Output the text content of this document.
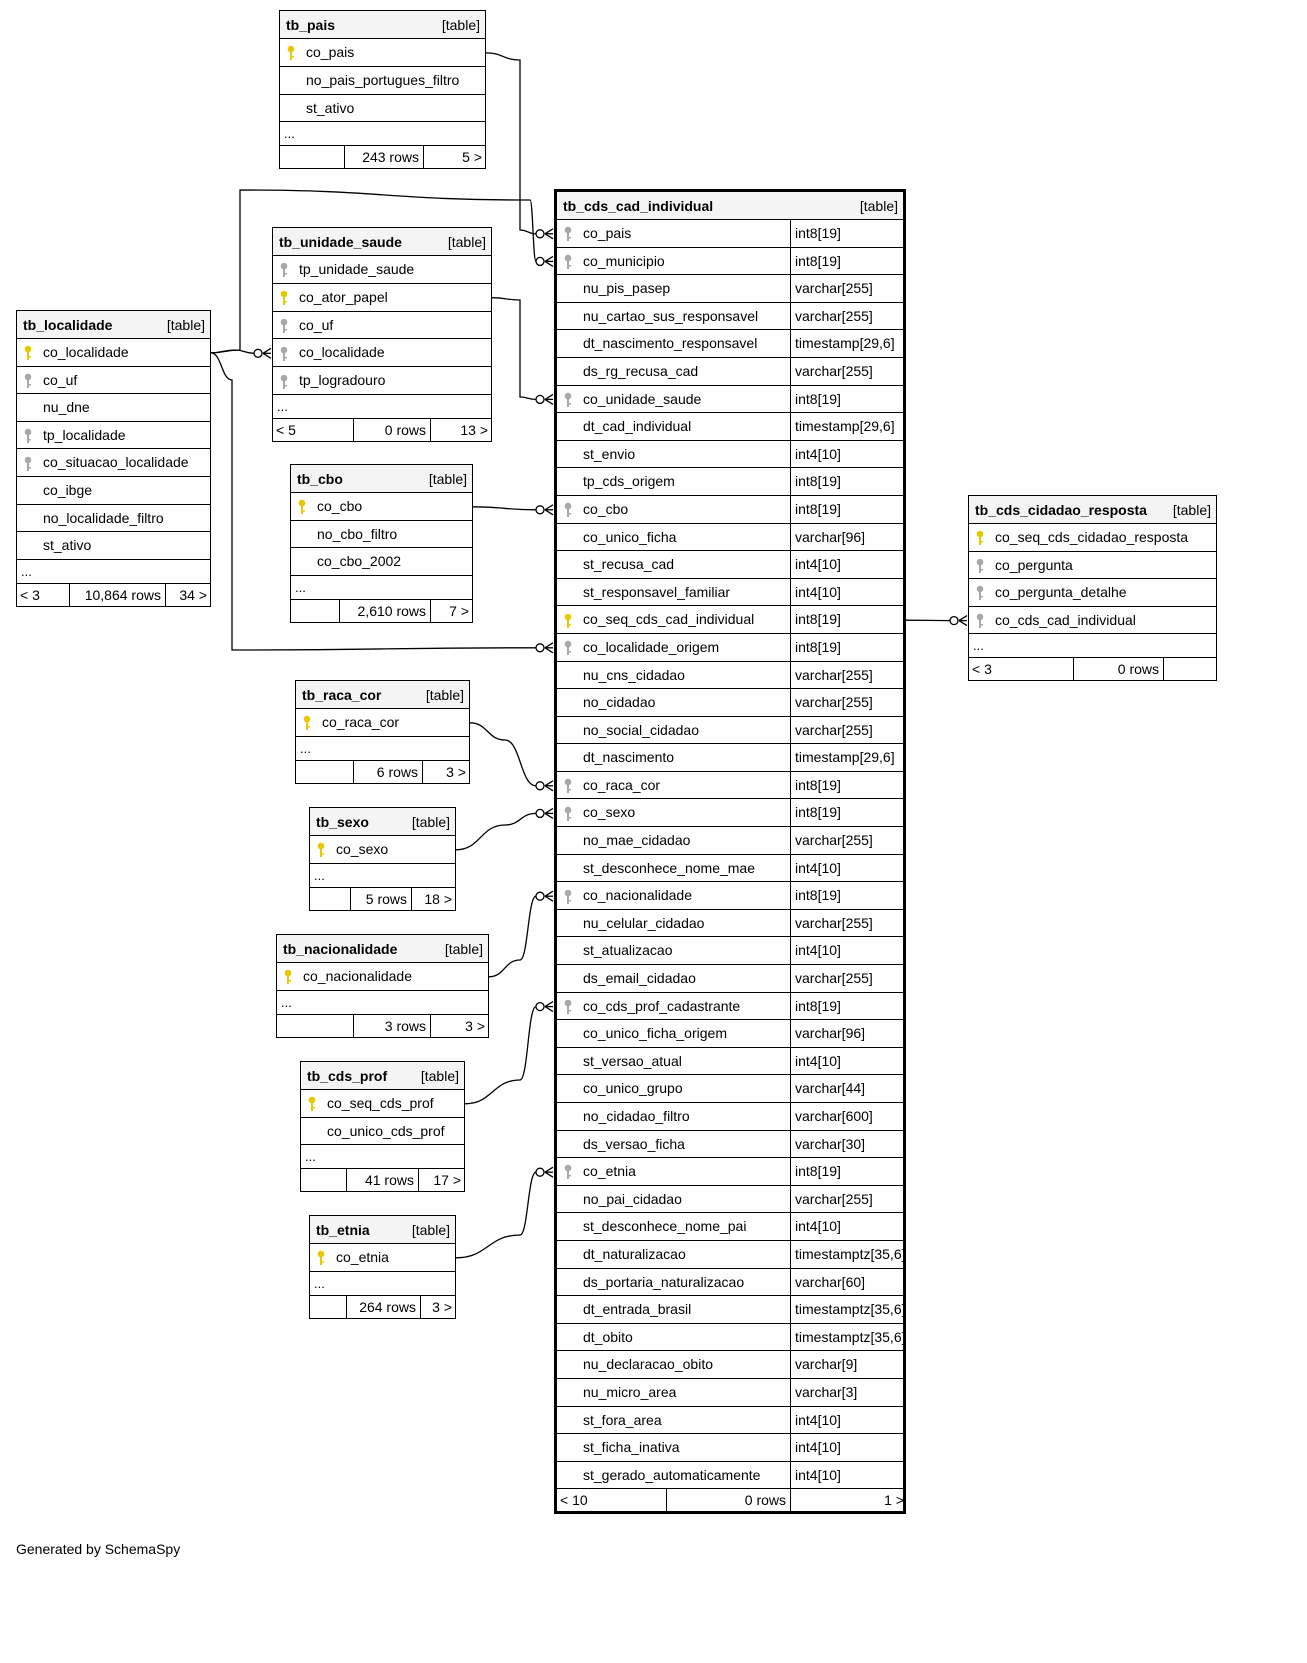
tb_pais	[table]
co_pais
no_pais_portugues_filtro
st_ativo
...
243 rows	5 >
tb_unidade_saude	[table]
tp_unidade_saude
co_ator_papel
co_uf
co_localidade
tp_logradouro
...
< 5	0 rows	13 >
tb_localidade	[table]
co_localidade
co_uf
nu_dne
tp_localidade
co_situacao_localidade
co_ibge
no_localidade_filtro
st_ativo
...
< 3	10,864 rows	34 >
tb_cbo	[table]
co_cbo
no_cbo_filtro
co_cbo_2002
...
2,610 rows	7 >
tb_raca_cor	[table]
co_raca_cor
...
6 rows	3 >
tb_sexo	[table]
co_sexo
...
5 rows	18 >
tb_nacionalidade	[table]
co_nacionalidade
...
3 rows	3 >
tb_cds_prof [table]
co_seq_cds_prof
co_unico_cds_prof
...
41 rows	17 >
tb_etnia	[table]
co_etnia
...
264 rows	3 >
tb_cds_cidadao_resposta [table]
co_seq_cds_cidadao_resposta
co_pergunta
co_pergunta_detalhe
co_cds_cad_individual
...
< 3	0 rows
tb_cds_cad_individual	[table]
co_pais	int8[19]
co_municipio	int8[19]
nu_pis_pasep	varchar[255]
nu_cartao_sus_responsavel	varchar[255]
dt_nascimento_responsavel	timestamp[29,6]
ds_rg_recusa_cad	varchar[255]
co_unidade_saude	int8[19]
dt_cad_individual	timestamp[29,6]
st_envio	int4[10]
tp_cds_origem	int8[19]
co_cbo	int8[19]
co_unico_ficha	varchar[96]
st_recusa_cad	int4[10]
st_responsavel_familiar	int4[10]
co_seq_cds_cad_individual	int8[19]
co_localidade_origem	int8[19]
nu_cns_cidadao	varchar[255]
no_cidadao	varchar[255]
no_social_cidadao	varchar[255]
dt_nascimento	timestamp[29,6]
co_raca_cor	int8[19]
co_sexo	int8[19]
no_mae_cidadao	varchar[255]
st_desconhece_nome_mae	int4[10]
co_nacionalidade	int8[19]
nu_celular_cidadao	varchar[255]
st_atualizacao	int4[10]
ds_email_cidadao	varchar[255]
co_cds_prof_cadastrante	int8[19]
co_unico_ficha_origem	varchar[96]
st_versao_atual	int4[10]
co_unico_grupo	varchar[44]
no_cidadao_filtro	varchar[600]
ds_versao_ficha	varchar[30]
co_etnia	int8[19]
no_pai_cidadao	varchar[255]
st_desconhece_nome_pai	int4[10]
dt_naturalizacao	timestamptz[35,6]
ds_portaria_naturalizacao	varchar[60]
dt_entrada_brasil	timestamptz[35,6]
dt_obito	timestamptz[35,6]
nu_declaracao_obito	varchar[9]
nu_micro_area	varchar[3]
st_fora_area	int4[10]
st_ficha_inativa	int4[10]
st_gerado_automaticamente	int4[10]
< 10	0 rows	1 >
Generated by SchemaSpy
